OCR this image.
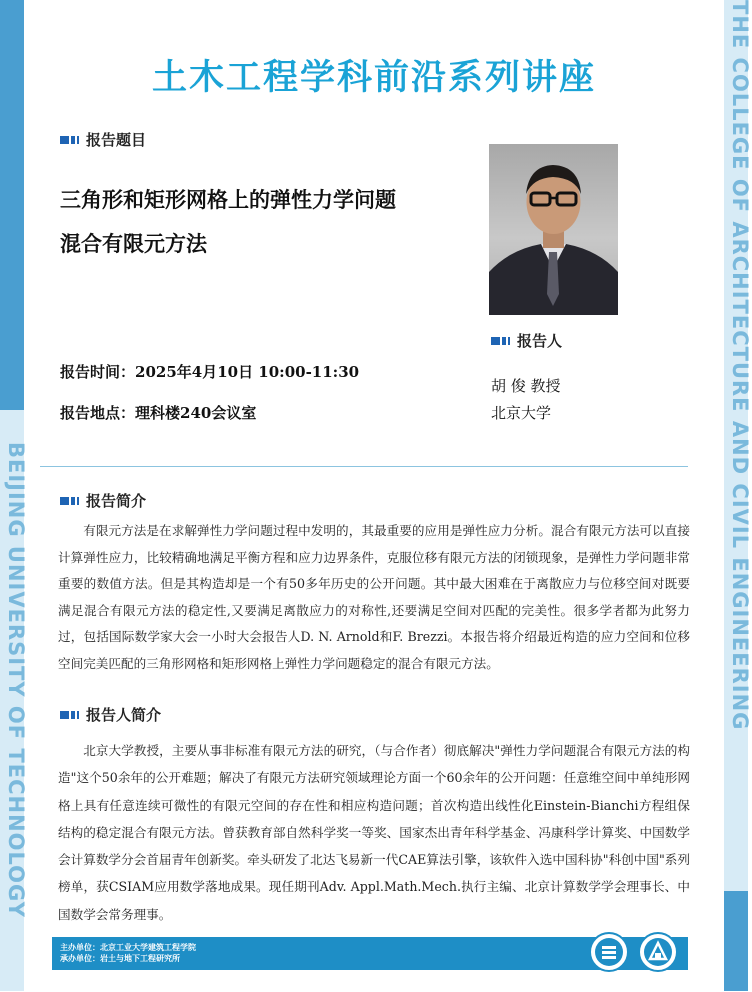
BEIJING UNIVERSITY OF TECHNOLOGY	THE COLLEGE OF ARCHITECTURE AND CIVIL ENGINEERING
土木工程学科前沿系列讲座
报告题目
三角形和矩形网格上的弹性力学问题
混合有限元方法
报告人
报告时间：2025年4月10日 10:00-11:30
报告地点：理科楼240会议室
胡 俊 教授
北京大学
报告简介
有限元方法是在求解弹性力学问题过程中发明的，其最重要的应用是弹性应力分析。混合有限元方法可以直接计算弹性应力，比较精确地满足平衡方程和应力边界条件，克服位移有限元方法的闭锁现象，是弹性力学问题非常重要的数值方法。但是其构造却是一个有50多年历史的公开问题。其中最大困难在于离散应力与位移空间对既要满足混合有限元方法的稳定性,又要满足离散应力的对称性,还要满足空间对匹配的完美性。很多学者都为此努力过，包括国际数学家大会一小时大会报告人D. N. Arnold和F. Brezzi。本报告将介绍最近构造的应力空间和位移空间完美匹配的三角形网格和矩形网格上弹性力学问题稳定的混合有限元方法。
报告人简介
北京大学教授，主要从事非标准有限元方法的研究，（与合作者）彻底解决"弹性力学问题混合有限元方法的构造"这个50余年的公开难题；解决了有限元方法研究领域理论方面一个60余年的公开问题：任意维空间中单纯形网格上具有任意连续可微性的有限元空间的存在性和相应构造问题；首次构造出线性化Einstein-Bianchi方程组保结构的稳定混合有限元方法。曾获教育部自然科学奖一等奖、国家杰出青年科学基金、冯康科学计算奖、中国数学会计算数学分会首届青年创新奖。牵头研发了北达飞易新一代CAE算法引擎，该软件入选中国科协"科创中国"系列榜单，获CSIAM应用数学落地成果。现任期刊Adv. Appl.Math.Mech.执行主编、北京计算数学学会理事长、中国数学会常务理事。
主办单位：北京工业大学建筑工程学院
承办单位：岩土与地下工程研究所
